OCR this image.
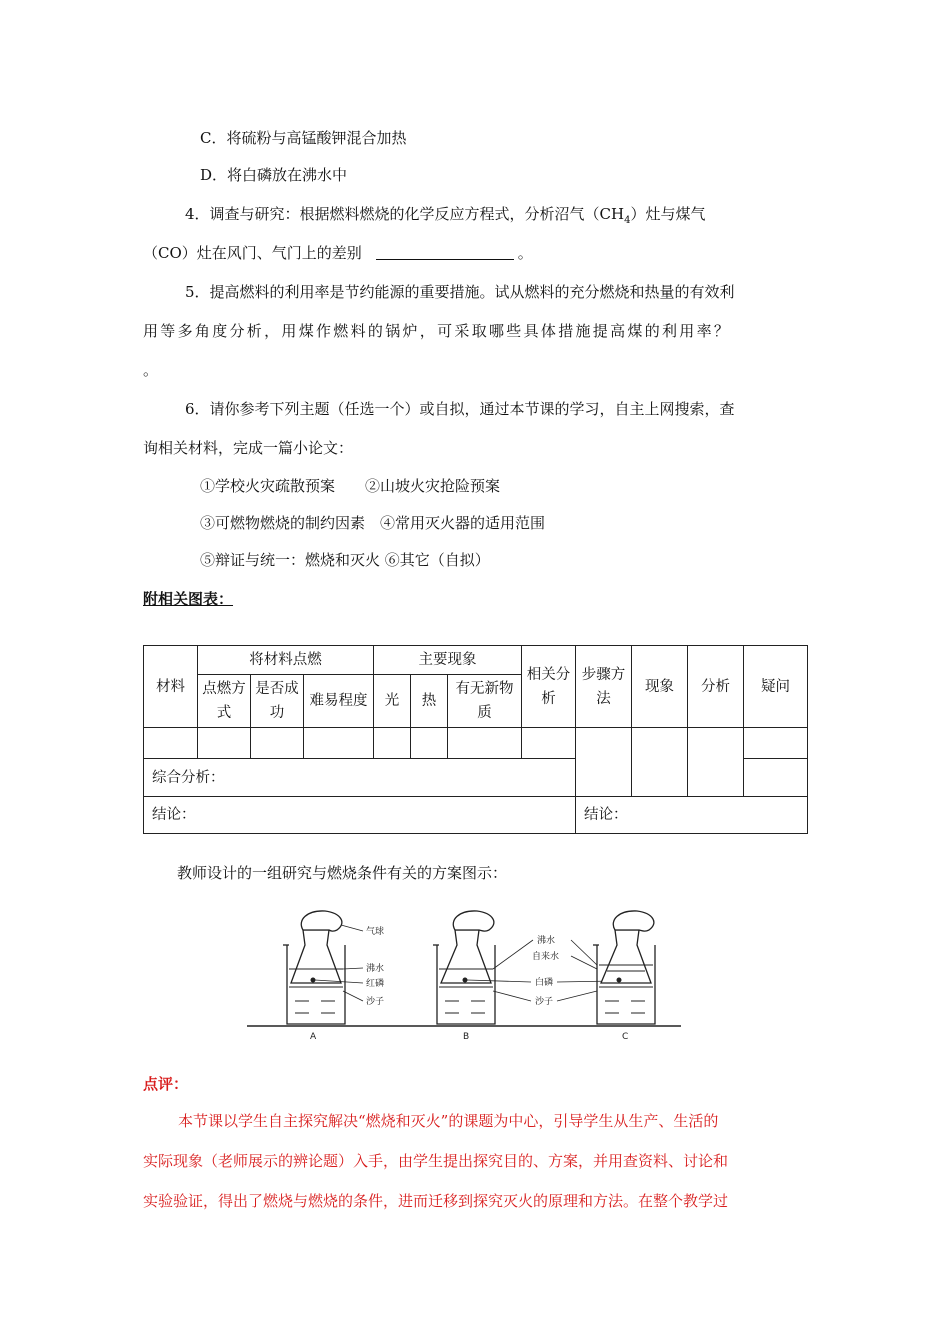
C．将硫粉与高锰酸钾混合加热
D．将白磷放在沸水中
4．调查与研究：根据燃料燃烧的化学反应方程式，分析沼气$(CH_4)$灶与煤气
（CO）灶在风门、气门上的差别	。
5．提高燃料的利用率是节约能源的重要措施。试从燃料的充分燃烧和热量的有效利
用等多角度分析，用煤作燃料的锅炉，可采取哪些具体措施提高煤的利用率？
。
6．请你参考下列主题（任选一个）或自拟，通过本节课的学习，自主上网搜索，查
询相关材料，完成一篇小论文：
①学校火灾疏散预案　　②山坡火灾抢险预案
③可燃物燃烧的制约因素　④常用灭火器的适用范围
⑤辩证与统一：燃烧和灭火 ⑥其它（自拟）
附相关图表：
材料	将材料点燃			主要现象			相关分析	步骤方法	现象	分析	疑问
	点燃方式	是否成功	难易程度	光	热	有无新物质					

综合分析：											
结论：								结论：			
教师设计的一组研究与燃烧条件有关的方案图示：
气球
沸水
红磷
沙子
A	B
沸水
自来水
白磷
沙子
C
点评：
本节课以学生自主探究解决“燃烧和灭火”的课题为中心，引导学生从生产、生活的
实际现象（老师展示的辨论题）入手，由学生提出探究目的、方案，并用查资料、讨论和
实验验证，得出了燃烧与燃烧的条件，进而迁移到探究灭火的原理和方法。在整个教学过
